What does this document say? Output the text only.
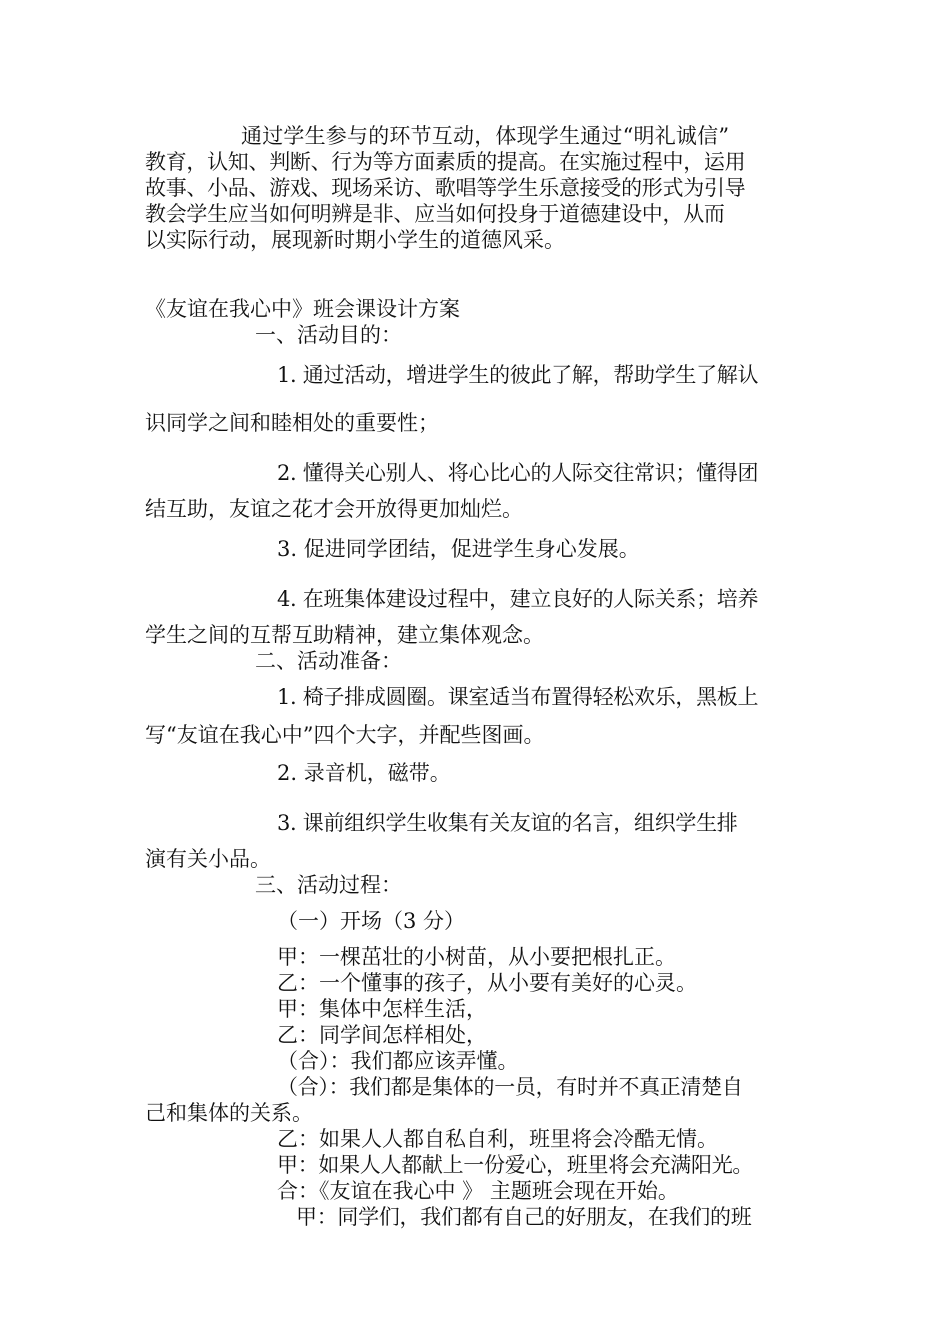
通过学生参与的环节互动，体现学生通过“明礼诚信”
教育，认知、判断、行为等方面素质的提高。在实施过程中，运用
故事、小品、游戏、现场采访、歌唱等学生乐意接受的形式为引导
教会学生应当如何明辨是非、应当如何投身于道德建设中，从而
以实际行动，展现新时期小学生的道德风采。
《友谊在我心中》班会课设计方案
一、活动目的：
1. 通过活动，增进学生的彼此了解，帮助学生了解认
识同学之间和睦相处的重要性；
2. 懂得关心别人、将心比心的人际交往常识；懂得团
结互助，友谊之花才会开放得更加灿烂。
3. 促进同学团结，促进学生身心发展。
4. 在班集体建设过程中，建立良好的人际关系；培养
学生之间的互帮互助精神，建立集体观念。
二、活动准备：
1. 椅子排成圆圈。课室适当布置得轻松欢乐，黑板上
写“友谊在我心中”四个大字，并配些图画。
2. 录音机，磁带。
3. 课前组织学生收集有关友谊的名言，组织学生排
演有关小品。
三、活动过程：
（一）开场（3 分）
甲：一棵茁壮的小树苗，从小要把根扎正。
乙：一个懂事的孩子，从小要有美好的心灵。
甲：集体中怎样生活，
乙：同学间怎样相处，
（合）：我们都应该弄懂。
（合）：我们都是集体的一员，有时并不真正清楚自
己和集体的关系。
乙：如果人人都自私自利，班里将会冷酷无情。
甲：如果人人都献上一份爱心，班里将会充满阳光。
合：《友谊在我心中 》 主题班会现在开始。
甲：同学们，我们都有自己的好朋友，在我们的班
